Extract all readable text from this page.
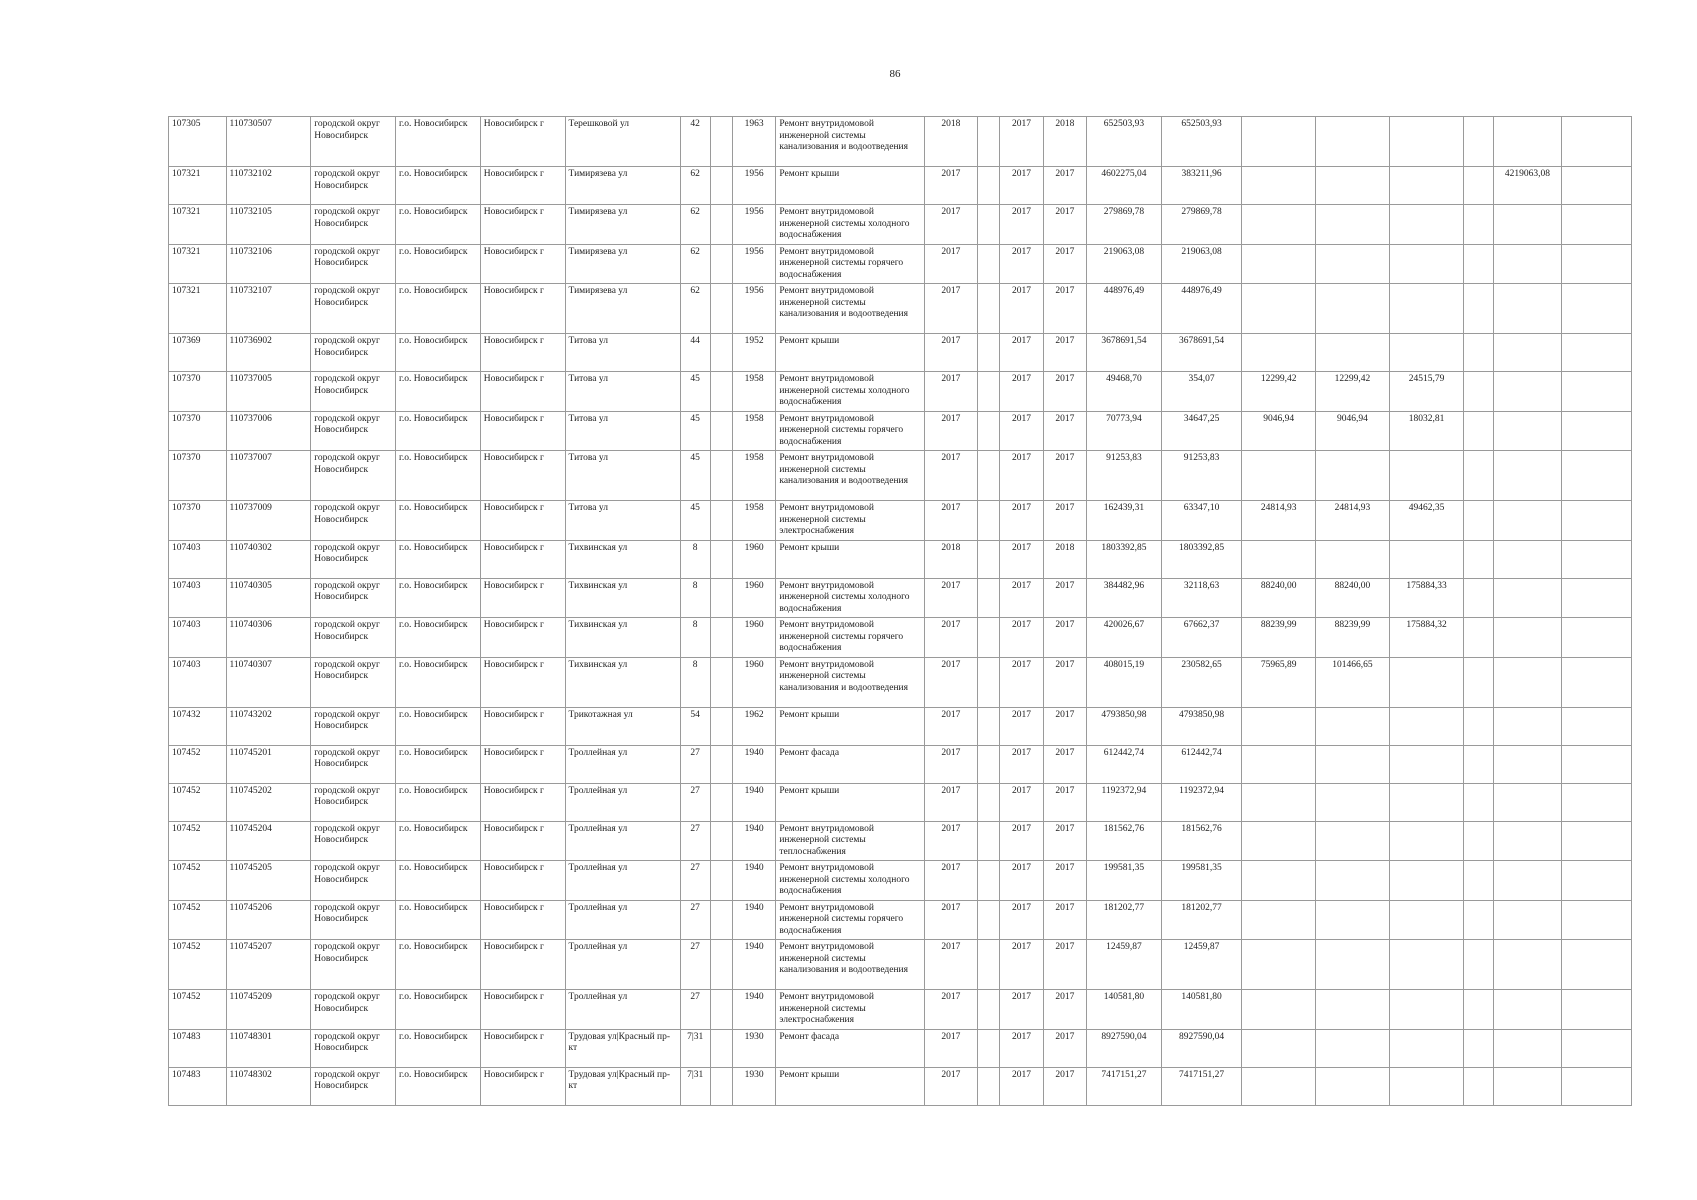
86
107305	110730507	городской округ Новосибирск	г.о. Новосибирск	Новосибирск г	Терешковой ул	42		1963	Ремонт внутридомовой инженерной системы канализования и водоотведения	2018		2017	2018	652503,93	652503,93						
107321	110732102	городской округ Новосибирск	г.о. Новосибирск	Новосибирск г	Тимирязева ул	62		1956	Ремонт крыши	2017		2017	2017	4602275,04	383211,96					4219063,08	
107321	110732105	городской округ Новосибирск	г.о. Новосибирск	Новосибирск г	Тимирязева ул	62		1956	Ремонт внутридомовой инженерной системы холодного водоснабжения	2017		2017	2017	279869,78	279869,78						
107321	110732106	городской округ Новосибирск	г.о. Новосибирск	Новосибирск г	Тимирязева ул	62		1956	Ремонт внутридомовой инженерной системы горячего водоснабжения	2017		2017	2017	219063,08	219063,08						
107321	110732107	городской округ Новосибирск	г.о. Новосибирск	Новосибирск г	Тимирязева ул	62		1956	Ремонт внутридомовой инженерной системы канализования и водоотведения	2017		2017	2017	448976,49	448976,49						
107369	110736902	городской округ Новосибирск	г.о. Новосибирск	Новосибирск г	Титова ул	44		1952	Ремонт крыши	2017		2017	2017	3678691,54	3678691,54						
107370	110737005	городской округ Новосибирск	г.о. Новосибирск	Новосибирск г	Титова ул	45		1958	Ремонт внутридомовой инженерной системы холодного водоснабжения	2017		2017	2017	49468,70	354,07	12299,42	12299,42	24515,79			
107370	110737006	городской округ Новосибирск	г.о. Новосибирск	Новосибирск г	Титова ул	45		1958	Ремонт внутридомовой инженерной системы горячего водоснабжения	2017		2017	2017	70773,94	34647,25	9046,94	9046,94	18032,81			
107370	110737007	городской округ Новосибирск	г.о. Новосибирск	Новосибирск г	Титова ул	45		1958	Ремонт внутридомовой инженерной системы канализования и водоотведения	2017		2017	2017	91253,83	91253,83						
107370	110737009	городской округ Новосибирск	г.о. Новосибирск	Новосибирск г	Титова ул	45		1958	Ремонт внутридомовой инженерной системы электроснабжения	2017		2017	2017	162439,31	63347,10	24814,93	24814,93	49462,35			
107403	110740302	городской округ Новосибирск	г.о. Новосибирск	Новосибирск г	Тихвинская ул	8		1960	Ремонт крыши	2018		2017	2018	1803392,85	1803392,85						
107403	110740305	городской округ Новосибирск	г.о. Новосибирск	Новосибирск г	Тихвинская ул	8		1960	Ремонт внутридомовой инженерной системы холодного водоснабжения	2017		2017	2017	384482,96	32118,63	88240,00	88240,00	175884,33			
107403	110740306	городской округ Новосибирск	г.о. Новосибирск	Новосибирск г	Тихвинская ул	8		1960	Ремонт внутридомовой инженерной системы горячего водоснабжения	2017		2017	2017	420026,67	67662,37	88239,99	88239,99	175884,32			
107403	110740307	городской округ Новосибирск	г.о. Новосибирск	Новосибирск г	Тихвинская ул	8		1960	Ремонт внутридомовой инженерной системы канализования и водоотведения	2017		2017	2017	408015,19	230582,65	75965,89	101466,65				
107432	110743202	городской округ Новосибирск	г.о. Новосибирск	Новосибирск г	Трикотажная ул	54		1962	Ремонт крыши	2017		2017	2017	4793850,98	4793850,98						
107452	110745201	городской округ Новосибирск	г.о. Новосибирск	Новосибирск г	Троллейная ул	27		1940	Ремонт фасада	2017		2017	2017	612442,74	612442,74						
107452	110745202	городской округ Новосибирск	г.о. Новосибирск	Новосибирск г	Троллейная ул	27		1940	Ремонт крыши	2017		2017	2017	1192372,94	1192372,94						
107452	110745204	городской округ Новосибирск	г.о. Новосибирск	Новосибирск г	Троллейная ул	27		1940	Ремонт внутридомовой инженерной системы теплоснабжения	2017		2017	2017	181562,76	181562,76						
107452	110745205	городской округ Новосибирск	г.о. Новосибирск	Новосибирск г	Троллейная ул	27		1940	Ремонт внутридомовой инженерной системы холодного водоснабжения	2017		2017	2017	199581,35	199581,35						
107452	110745206	городской округ Новосибирск	г.о. Новосибирск	Новосибирск г	Троллейная ул	27		1940	Ремонт внутридомовой инженерной системы горячего водоснабжения	2017		2017	2017	181202,77	181202,77						
107452	110745207	городской округ Новосибирск	г.о. Новосибирск	Новосибирск г	Троллейная ул	27		1940	Ремонт внутридомовой инженерной системы канализования и водоотведения	2017		2017	2017	12459,87	12459,87						
107452	110745209	городской округ Новосибирск	г.о. Новосибирск	Новосибирск г	Троллейная ул	27		1940	Ремонт внутридомовой инженерной системы электроснабжения	2017		2017	2017	140581,80	140581,80						
107483	110748301	городской округ Новосибирск	г.о. Новосибирск	Новосибирск г	Трудовая ул|Красный пр-кт	7|31		1930	Ремонт фасада	2017		2017	2017	8927590,04	8927590,04						
107483	110748302	городской округ Новосибирск	г.о. Новосибирск	Новосибирск г	Трудовая ул|Красный пр-кт	7|31		1930	Ремонт крыши	2017		2017	2017	7417151,27	7417151,27						
